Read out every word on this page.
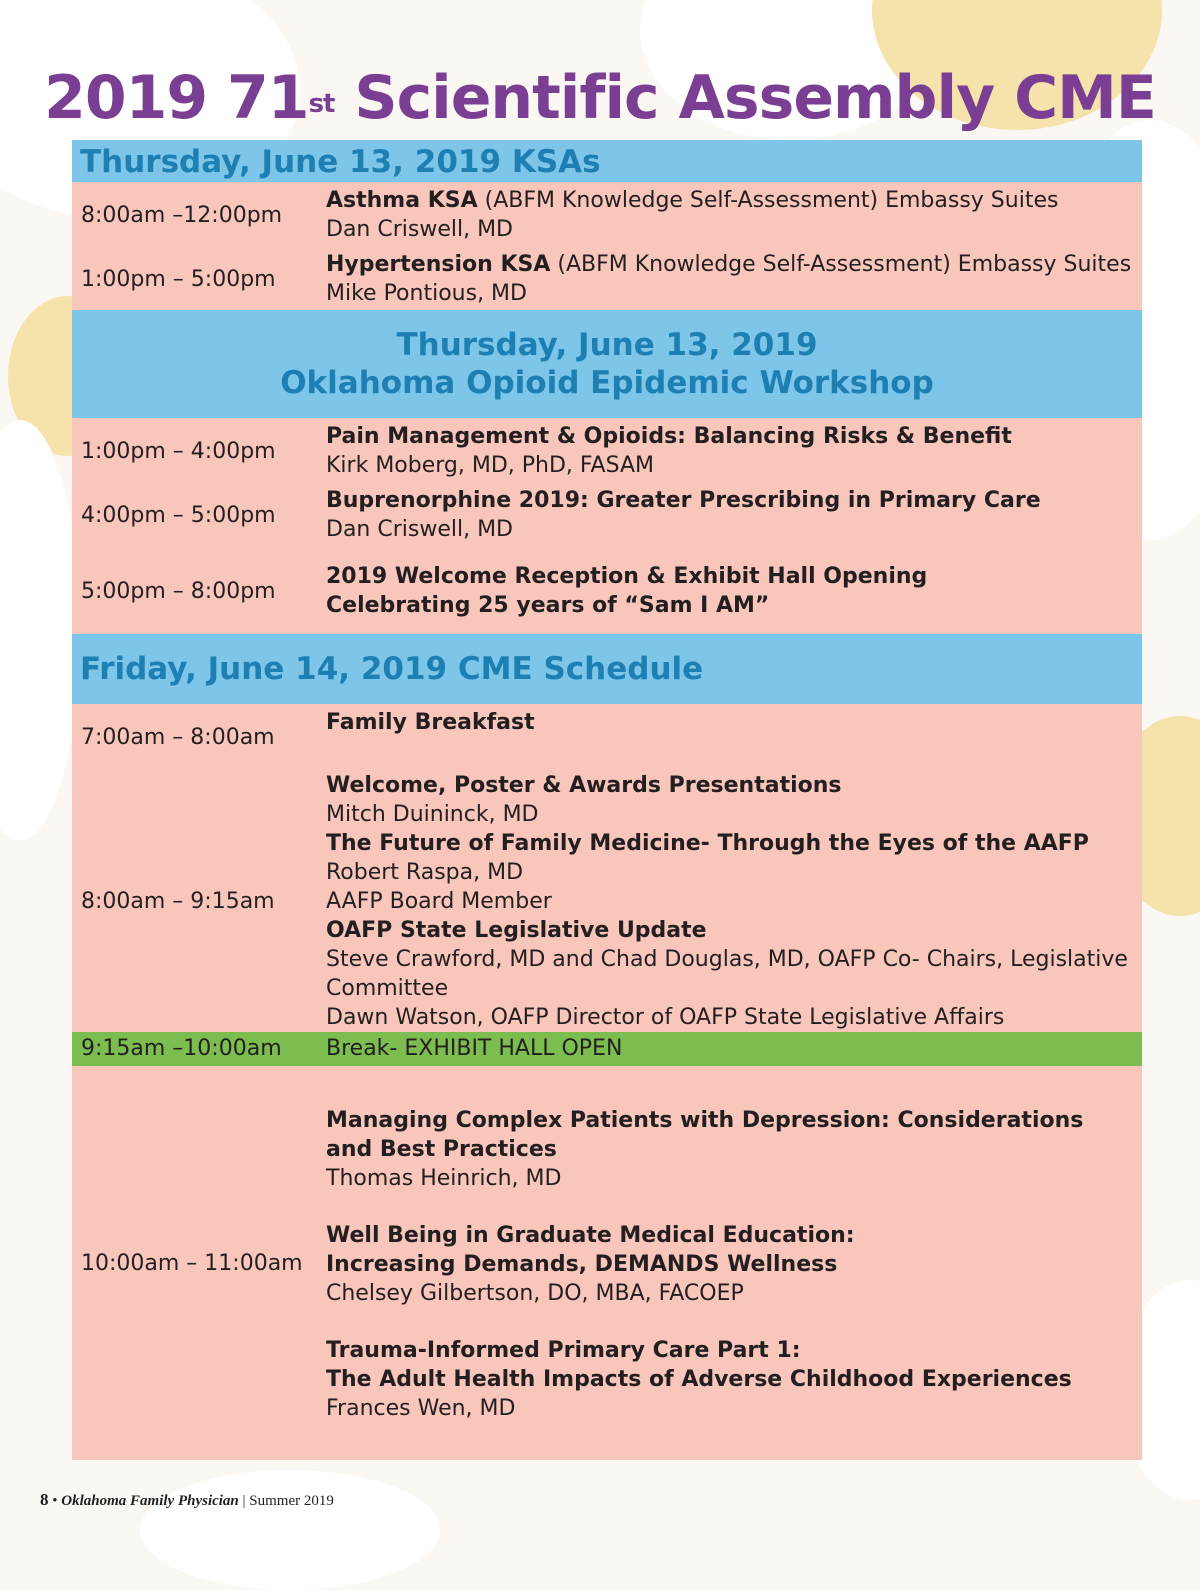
2019 71st Scientific Assembly CME
Thursday, June 13, 2019 KSAs
8:00am –12:00pm
Asthma KSA (ABFM Knowledge Self-Assessment) Embassy Suites
Dan Criswell, MD
1:00pm – 5:00pm
Hypertension KSA (ABFM Knowledge Self-Assessment) Embassy Suites
Mike Pontious, MD
Thursday, June 13, 2019
Oklahoma Opioid Epidemic Workshop
1:00pm – 4:00pm
Pain Management & Opioids: Balancing Risks & Benefit
Kirk Moberg, MD, PhD, FASAM
4:00pm – 5:00pm
Buprenorphine 2019: Greater Prescribing in Primary Care
Dan Criswell, MD
5:00pm – 8:00pm
2019 Welcome Reception & Exhibit Hall Opening
Celebrating 25 years of “Sam I AM”
Friday, June 14, 2019 CME Schedule
7:00am – 8:00am
Family Breakfast
8:00am – 9:15am
Welcome, Poster & Awards Presentations
Mitch Duininck, MD
The Future of Family Medicine- Through the Eyes of the AAFP
Robert Raspa, MD
AAFP Board Member
OAFP State Legislative Update
Steve Crawford, MD and Chad Douglas, MD, OAFP Co- Chairs, Legislative
Committee
Dawn Watson, OAFP Director of OAFP State Legislative Affairs
9:15am –10:00am Break- EXHIBIT HALL OPEN
10:00am – 11:00am
Managing Complex Patients with Depression: Considerations
and Best Practices
Thomas Heinrich, MD
Well Being in Graduate Medical Education:
Increasing Demands, DEMANDS Wellness
Chelsey Gilbertson, DO, MBA, FACOEP
Trauma-Informed Primary Care Part 1:
The Adult Health Impacts of Adverse Childhood Experiences
Frances Wen, MD
8 • Oklahoma Family Physician | Summer 2019
